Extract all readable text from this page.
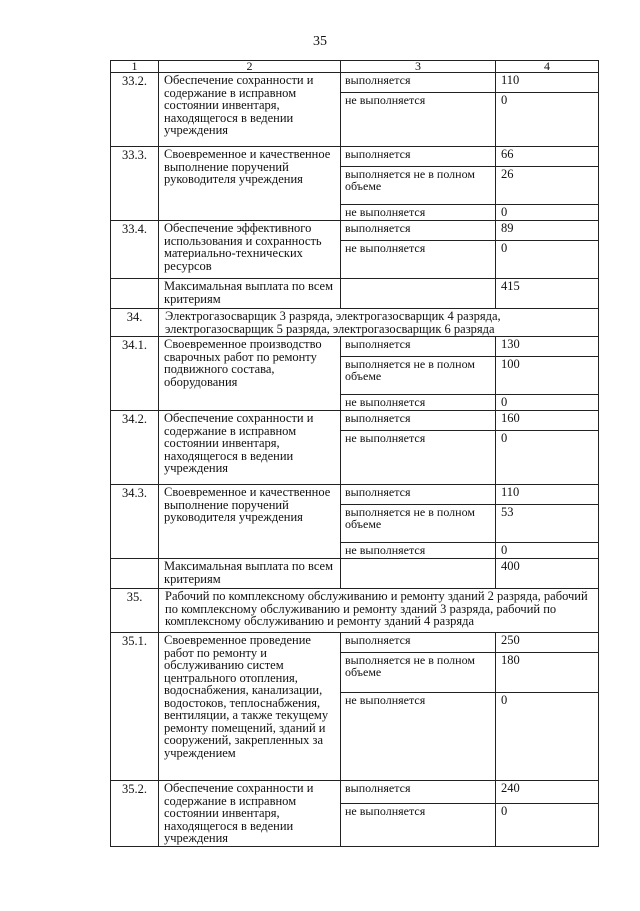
35
1	2	3	4
33.2.	Обеспечение сохранности и содержание в исправном состоянии инвентаря, находящегося в ведении учреждения	выполняется	110
		не выполняется	0
33.3.	Своевременное и качественное выполнение поручений руководителя учреждения	выполняется	66
		выполняется не в полном объеме	26
		не выполняется	0
33.4.	Обеспечение эффективного использования и сохранность материально-технических ресурсов	выполняется	89
		не выполняется	0
	Максимальная выплата по всем критериям		415
34.	Электрогазосварщик 3 разряда, электрогазосварщик 4 разряда, электрогазосварщик 5 разряда, электрогазосварщик 6 разряда		
34.1.	Своевременное производство сварочных работ по ремонту подвижного состава, оборудования	выполняется	130
		выполняется не в полном объеме	100
		не выполняется	0
34.2.	Обеспечение сохранности и содержание в исправном состоянии инвентаря, находящегося в ведении учреждения	выполняется	160
		не выполняется	0
34.3.	Своевременное и качественное выполнение поручений руководителя учреждения	выполняется	110
		выполняется не в полном объеме	53
		не выполняется	0
	Максимальная выплата по всем критериям		400
35.	Рабочий по комплексному обслуживанию и ремонту зданий 2 разряда, рабочий по комплексному обслуживанию и ремонту зданий 3 разряда, рабочий по комплексному обслуживанию и ремонту зданий 4 разряда		
35.1.	Своевременное проведение работ по ремонту и обслуживанию систем центрального отопления, водоснабжения, канализации, водостоков, теплоснабжения, вентиляции, а также текущему ремонту помещений, зданий и сооружений, закрепленных за учреждением	выполняется	250
		выполняется не в полном объеме	180
		не выполняется	0
35.2.	Обеспечение сохранности и содержание в исправном состоянии инвентаря, находящегося в ведении учреждения	выполняется	240
		не выполняется	0
